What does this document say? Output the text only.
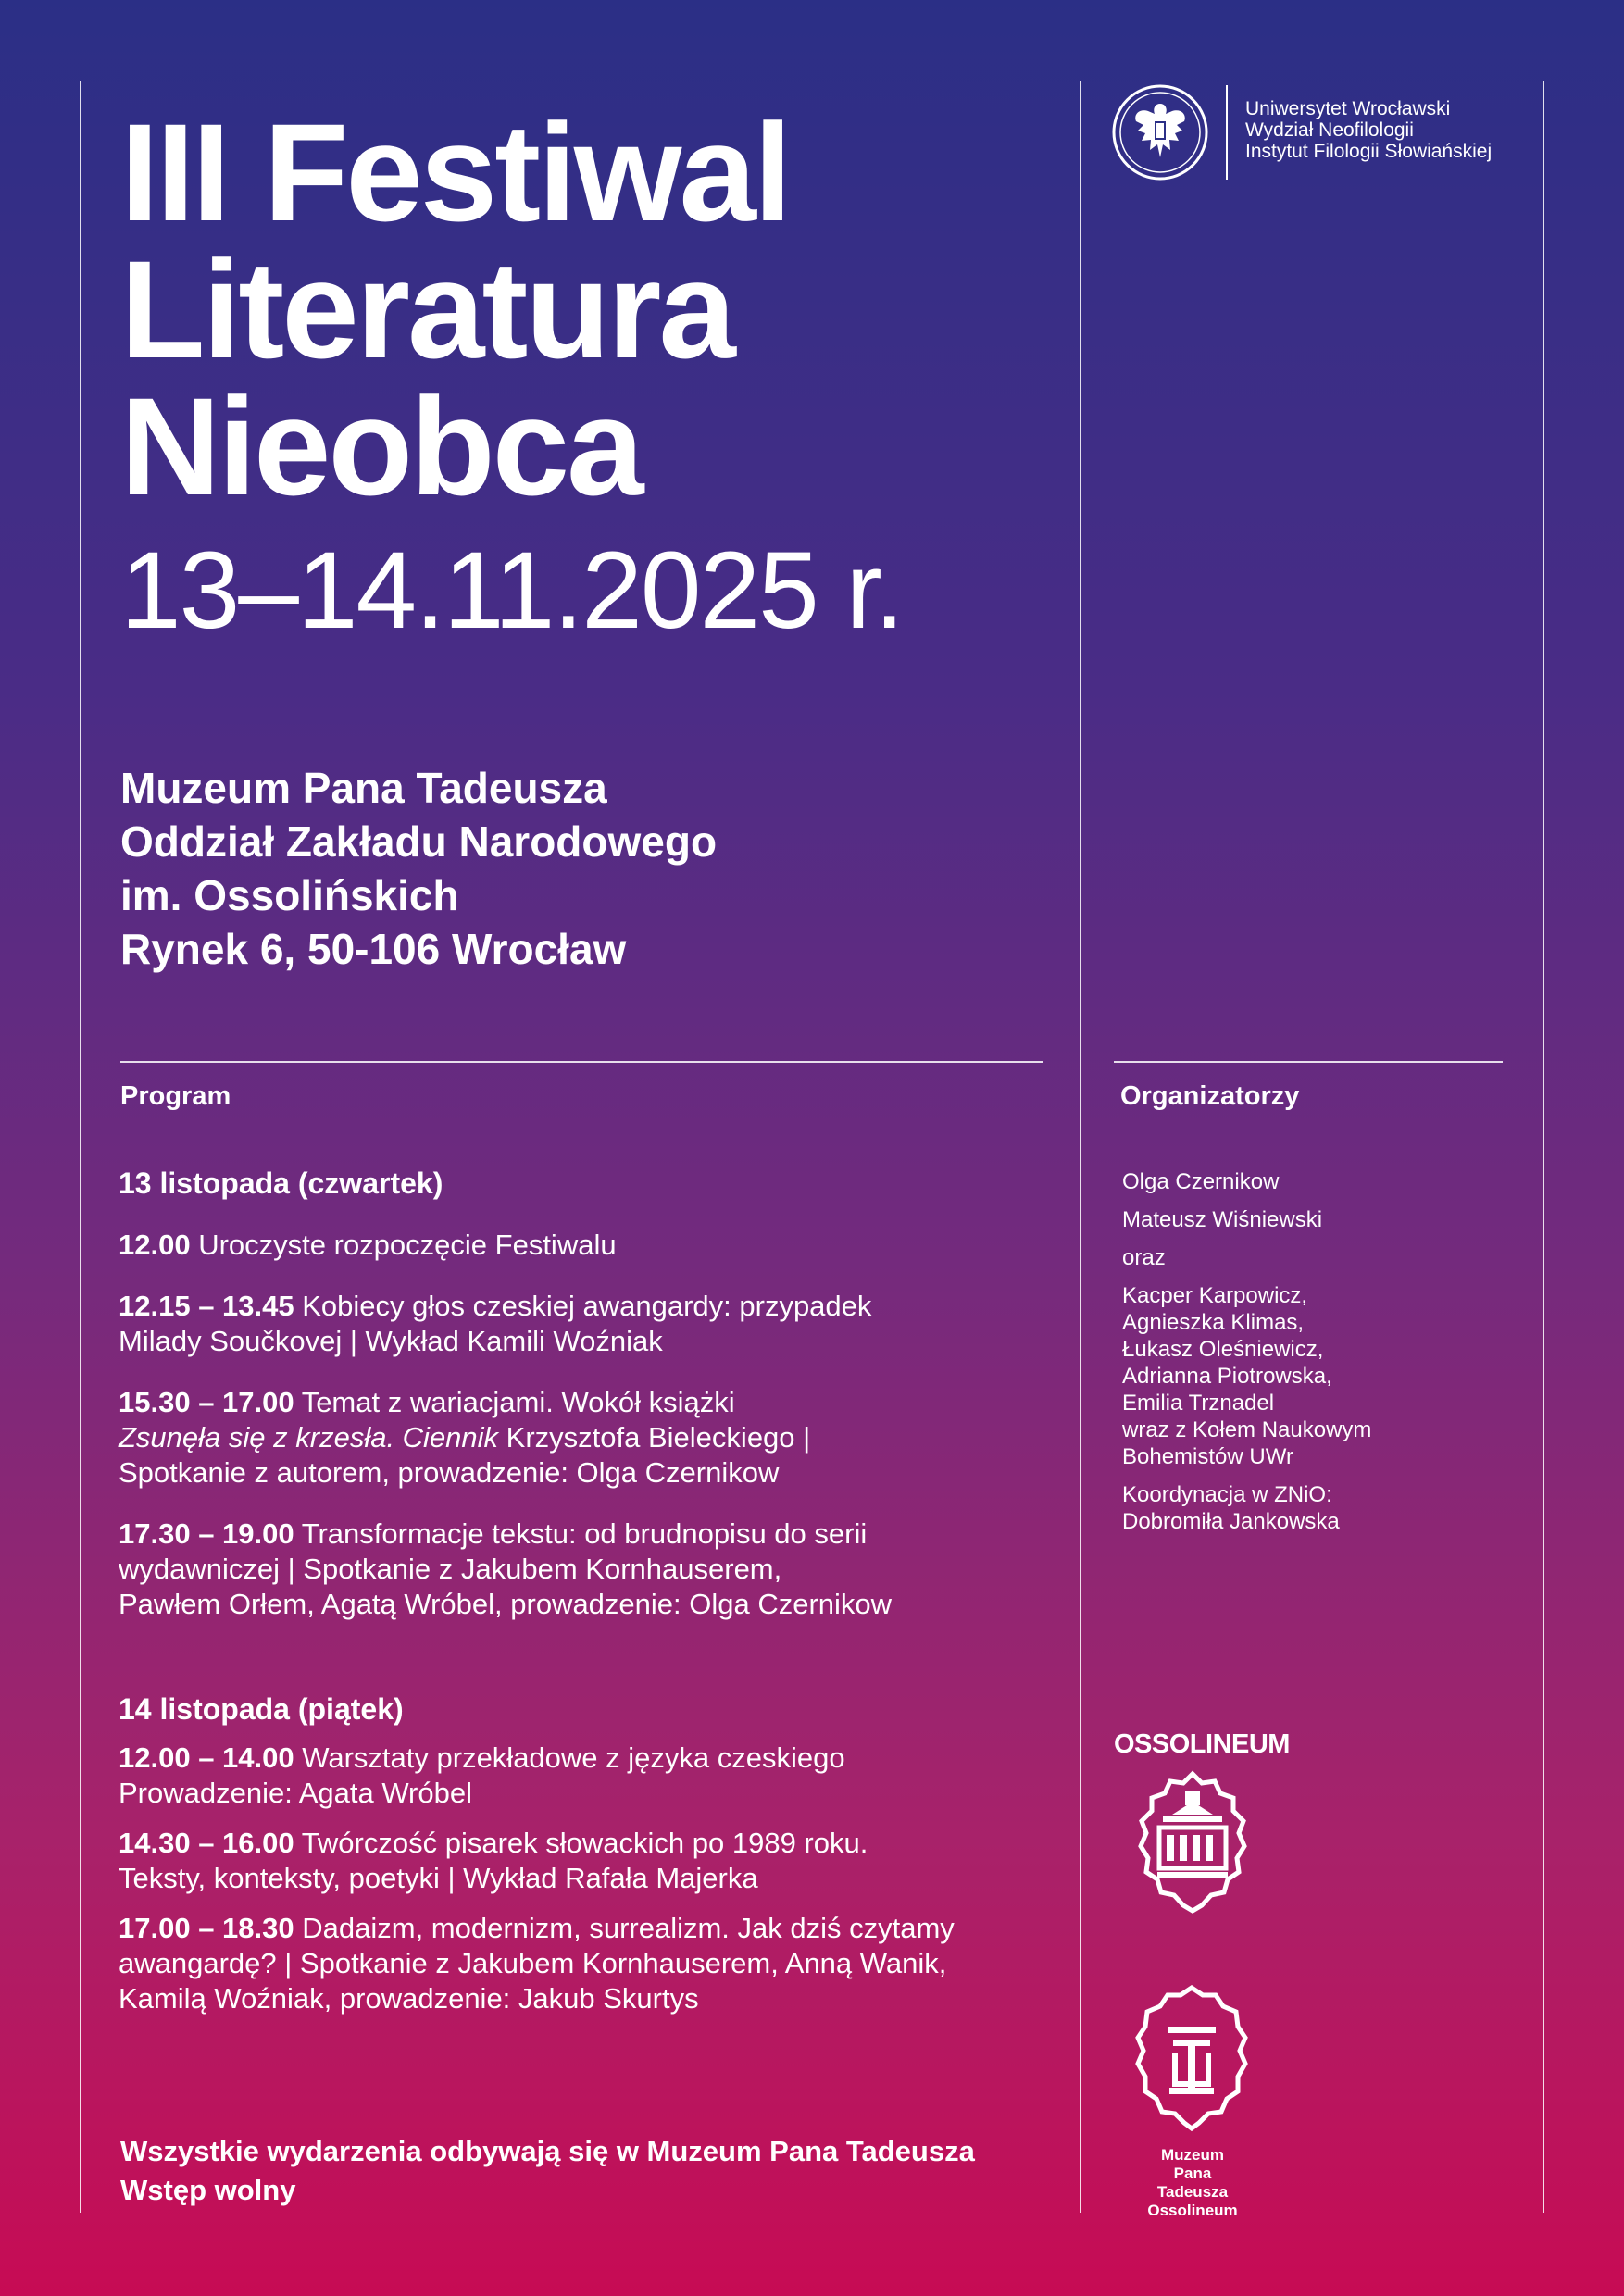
III Festiwal
Literatura
Nieobca
13–14.11.2025 r.
Muzeum Pana Tadeusza
Oddział Zakładu Narodowego
im. Ossolińskich
Rynek 6, 50-106 Wrocław
Uniwersytet Wrocławski
Wydział Neofilologii
Instytut Filologii Słowiańskiej
Program	Organizatorzy
13 listopada (czwartek)
12.00 Uroczyste rozpoczęcie Festiwalu
12.15 – 13.45 Kobiecy głos czeskiej awangardy: przypadek
Milady Součkovej | Wykład Kamili Woźniak
15.30 – 17.00 Temat z wariacjami. Wokół książki
Zsunęła się z krzesła. Ciennik Krzysztofa Bieleckiego |
Spotkanie z autorem, prowadzenie: Olga Czernikow
17.30 – 19.00 Transformacje tekstu: od brudnopisu do serii
wydawniczej | Spotkanie z Jakubem Kornhauserem,
Pawłem Orłem, Agatą Wróbel, prowadzenie: Olga Czernikow
14 listopada (piątek)
12.00 – 14.00 Warsztaty przekładowe z języka czeskiego
Prowadzenie: Agata Wróbel
14.30 – 16.00 Twórczość pisarek słowackich po 1989 roku.
Teksty, konteksty, poetyki | Wykład Rafała Majerka
17.00 – 18.30 Dadaizm, modernizm, surrealizm. Jak dziś czytamy
awangardę? | Spotkanie z Jakubem Kornhauserem, Anną Wanik,
Kamilą Woźniak, prowadzenie: Jakub Skurtys
Olga Czernikow
Mateusz Wiśniewski
oraz
Kacper Karpowicz,
Agnieszka Klimas,
Łukasz Oleśniewicz,
Adrianna Piotrowska,
Emilia Trznadel
wraz z Kołem Naukowym
Bohemistów UWr
Koordynacja w ZNiO:
Dobromiła Jankowska
Wszystkie wydarzenia odbywają się w Muzeum Pana Tadeusza
Wstęp wolny
OSSOLINEUM
Muzeum
Pana
Tadeusza
Ossolineum
